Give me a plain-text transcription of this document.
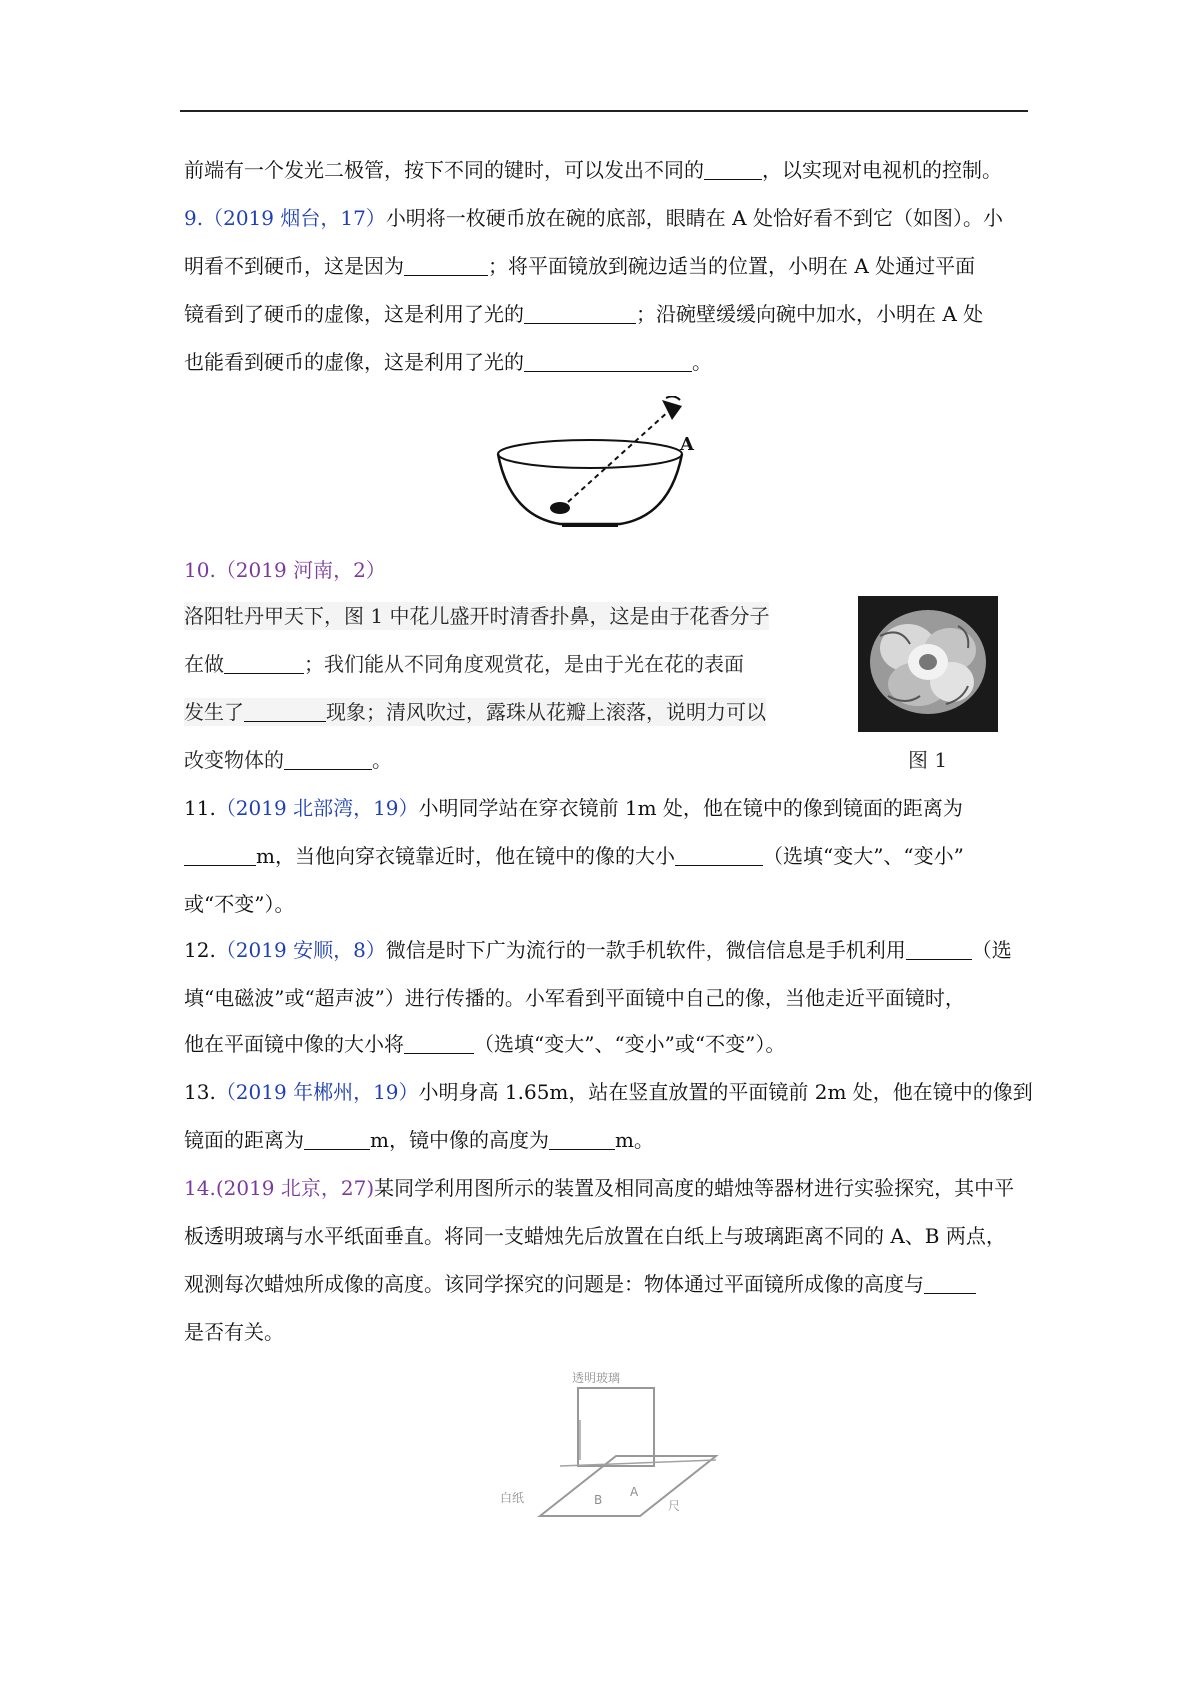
前端有一个发光二极管，按下不同的键时，可以发出不同的	，以实现对电视机的控制。
9.（2019 烟台，17）小明将一枚硬币放在碗的底部，眼睛在 A 处恰好看不到它（如图）。小
明看不到硬币，这是因为	；将平面镜放到碗边适当的位置，小明在 A 处通过平面
镜看到了硬币的虚像，这是利用了光的	；沿碗壁缓缓向碗中加水，小明在 A 处
也能看到硬币的虚像，这是利用了光的	。
A
10.（2019 河南，2）
洛阳牡丹甲天下，图 1 中花儿盛开时清香扑鼻，这是由于花香分子
在做	；我们能从不同角度观赏花，是由于光在花的表面
发生了	现象；清风吹过，露珠从花瓣上滚落，说明力可以
改变物体的	。	图 1
11.（2019 北部湾，19）小明同学站在穿衣镜前 1m 处，他在镜中的像到镜面的距离为
m，当他向穿衣镜靠近时，他在镜中的像的大小	（选填“变大”、“变小”
或“不变”）。
12.（2019 安顺，8）微信是时下广为流行的一款手机软件，微信信息是手机利用	（选
填“电磁波”或“超声波”）进行传播的。小军看到平面镜中自己的像，当他走近平面镜时，
他在平面镜中像的大小将	（选填“变大”、“变小”或“不变”）。
13.（2019 年郴州，19）小明身高 1.65m，站在竖直放置的平面镜前 2m 处，他在镜中的像到
镜面的距离为	m，镜中像的高度为	m。
14.(2019 北京，27)某同学利用图所示的装置及相同高度的蜡烛等器材进行实验探究，其中平
板透明玻璃与水平纸面垂直。将同一支蜡烛先后放置在白纸上与玻璃距离不同的 A、B 两点，
观测每次蜡烛所成像的高度。该同学探究的问题是：物体通过平面镜所成像的高度与
是否有关。
透明玻璃
白纸	A
B	尺
